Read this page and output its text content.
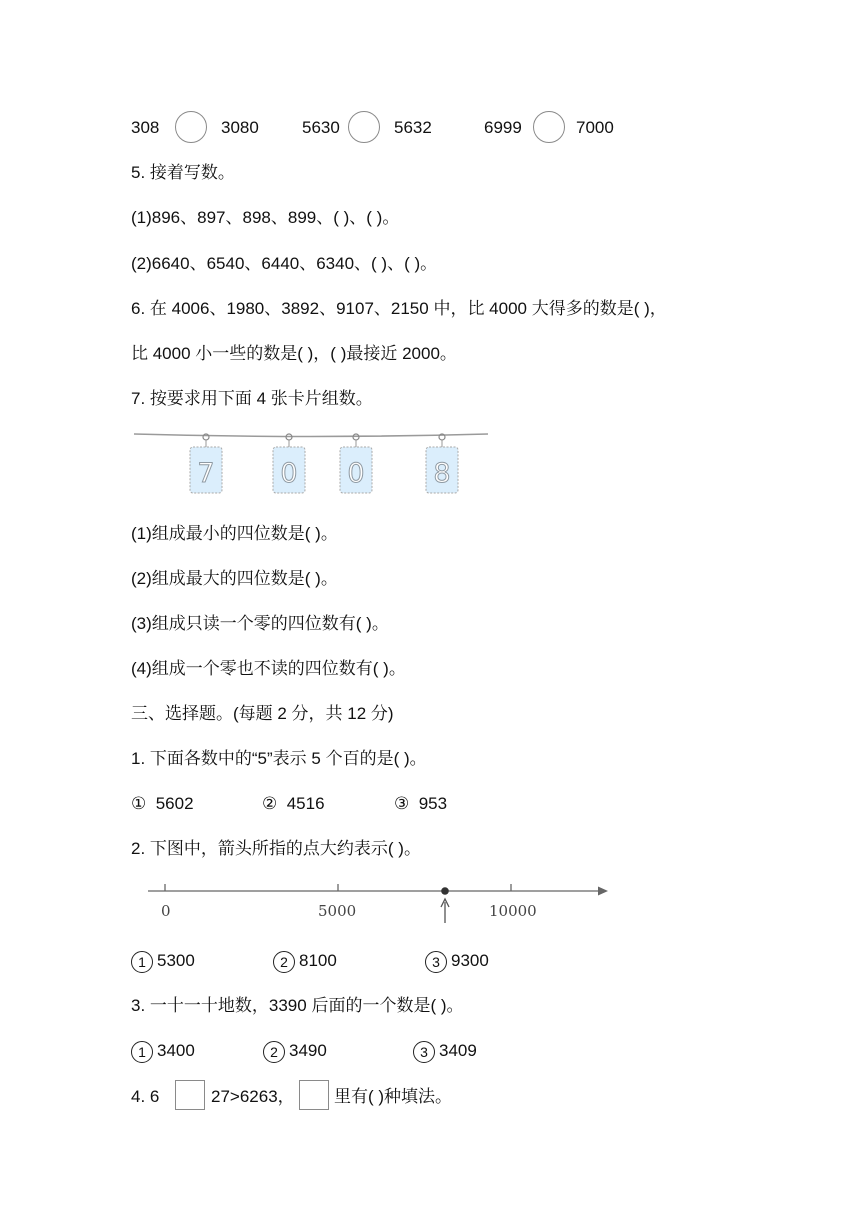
308	3080	5630	5632	6999	7000
5. 接着写数。
(1)896、897、898、899、( )、( )。
(2)6640、6540、6440、6340、( )、( )。
6. 在 4006、1980、3892、9107、2150 中，比 4000 大得多的数是( )，
比 4000 小一些的数是( )，( )最接近 2000。
7. 按要求用下面 4 张卡片组数。
7 0 0	8
(1)组成最小的四位数是( )。
(2)组成最大的四位数是( )。
(3)组成只读一个零的四位数有( )。
(4)组成一个零也不读的四位数有( )。
三、选择题。(每题 2 分，共 12 分)
1. 下面各数中的“5”表示 5 个百的是( )。
① 5602	② 4516	③ 953
2. 下图中，箭头所指的点大约表示( )。
0	5000	10000
1 5300	2 8100	3 9300
3. 一十一十地数，3390 后面的一个数是( )。
1 3400	2 3490	3 3409
4. 6	27>6263， 里有( )种填法。
